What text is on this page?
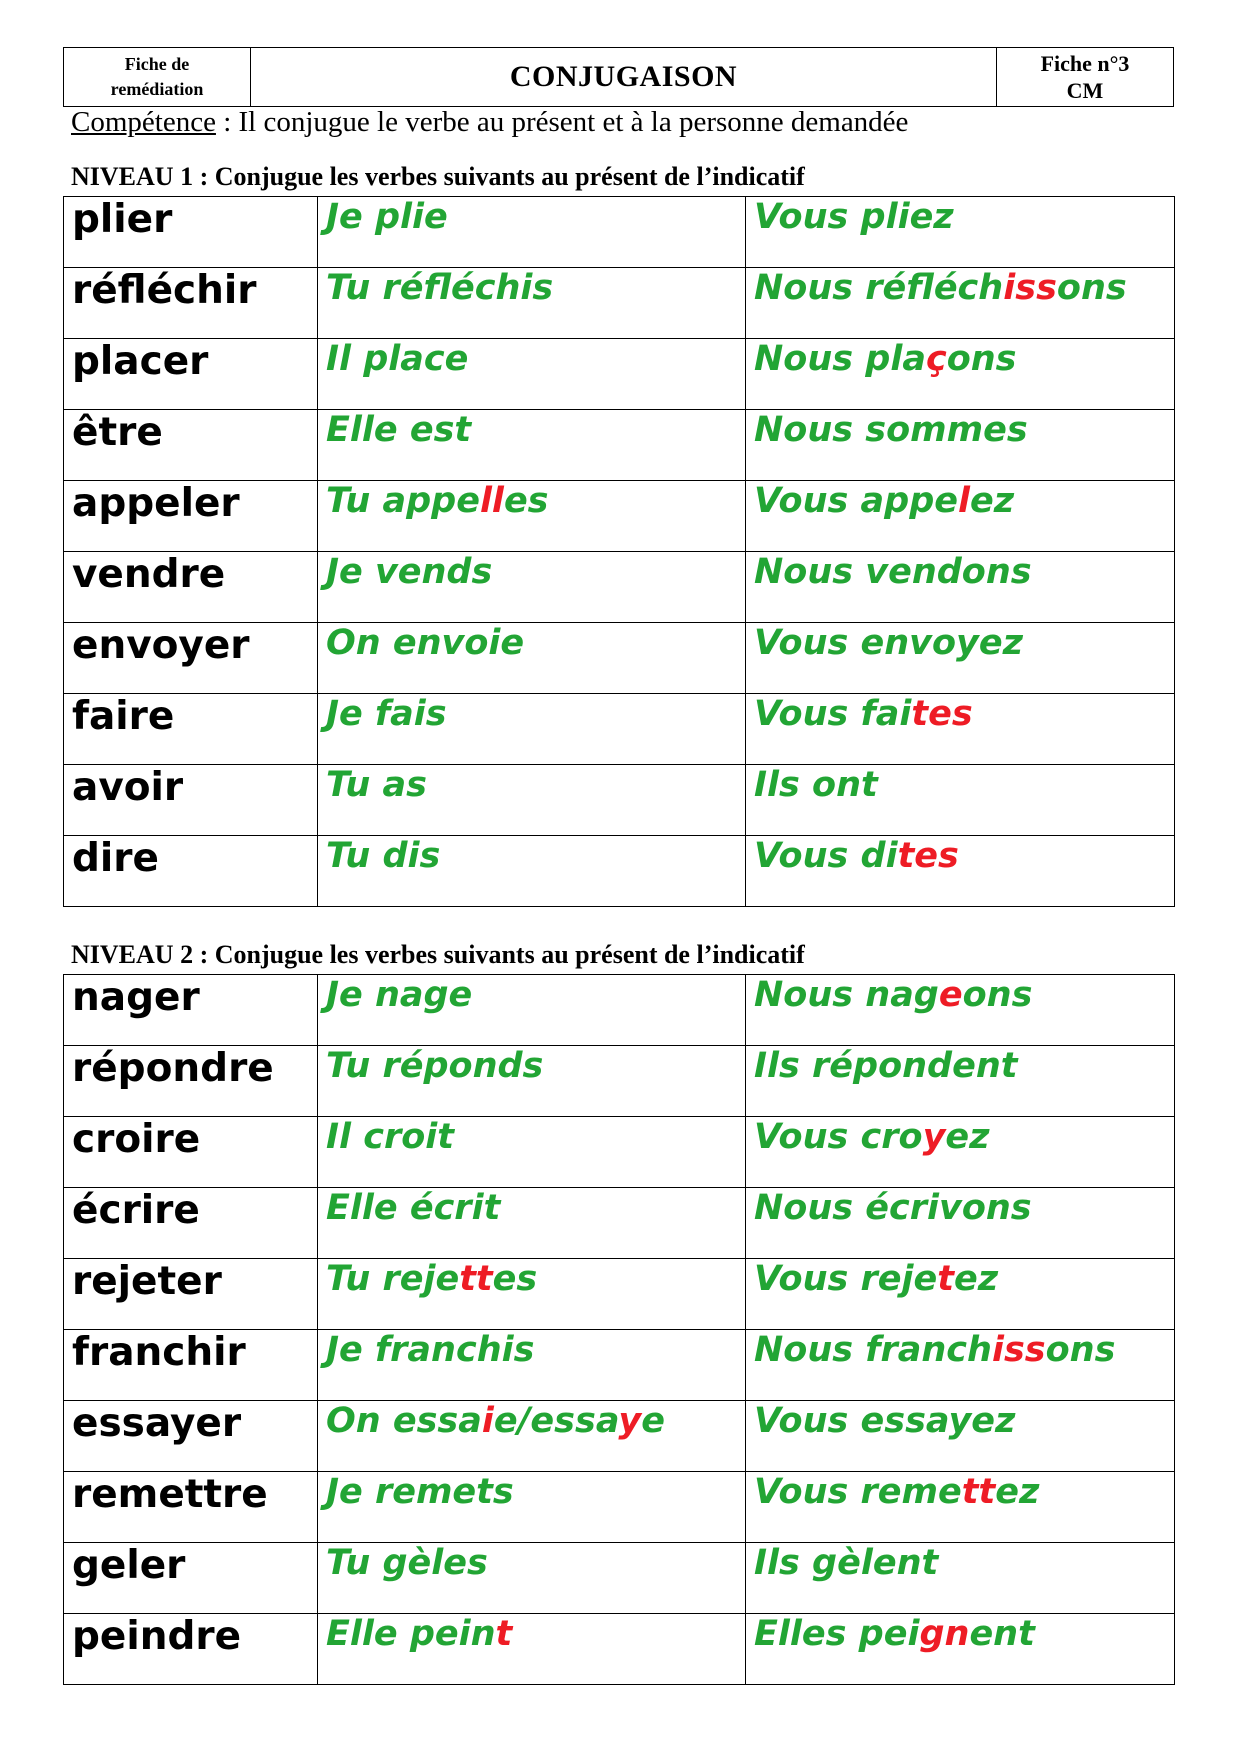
Fiche de
remédiation	CONJUGAISON	Fiche n°3
CM
Compétence : Il conjugue le verbe au présent et à la personne demandée
NIVEAU 1 : Conjugue les verbes suivants au présent de l’indicatif
plier	Je plie	Vous pliez
réfléchir	Tu réfléchis	Nous réfléchissons
placer	Il place	Nous plaçons
être	Elle est	Nous sommes
appeler	Tu appelles	Vous appelez
vendre	Je vends	Nous vendons
envoyer	On envoie	Vous envoyez
faire	Je fais	Vous faites
avoir	Tu as	Ils ont
dire	Tu dis	Vous dites
NIVEAU 2 : Conjugue les verbes suivants au présent de l’indicatif
nager	Je nage	Nous nageons
répondre	Tu réponds	Ils répondent
croire	Il croit	Vous croyez
écrire	Elle écrit	Nous écrivons
rejeter	Tu rejettes	Vous rejetez
franchir	Je franchis	Nous franchissons
essayer	On essaie/essaye	Vous essayez
remettre	Je remets	Vous remettez
geler	Tu gèles	Ils gèlent
peindre	Elle peint	Elles peignent
